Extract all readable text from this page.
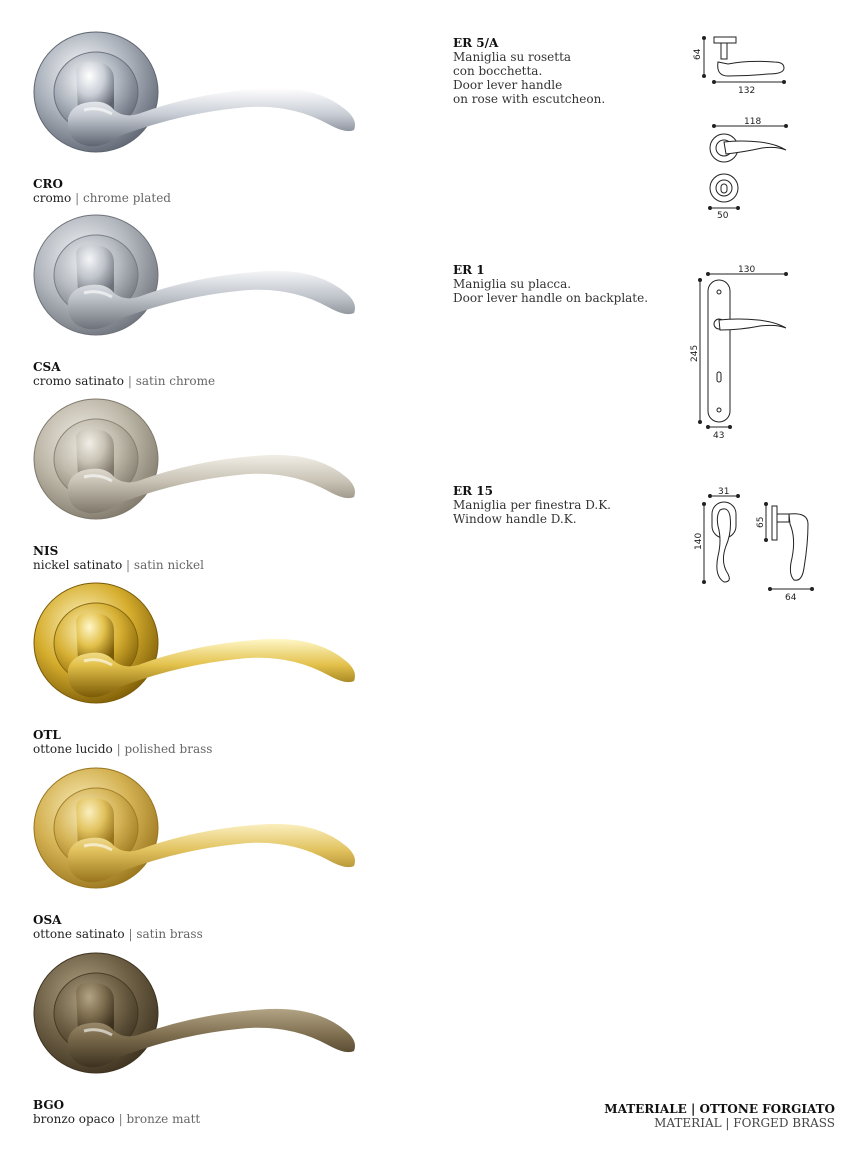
CRO
cromo | chrome plated
CSA
cromo satinato | satin chrome
NIS
nickel satinato | satin nickel
OTL
ottone lucido | polished brass
OSA
ottone satinato | satin brass
BGO
bronzo opaco | bronze matt
ER 5/A
Maniglia su rosetta
con bocchetta.
Door lever handle
on rose with escutcheon.
ER 1
Maniglia su placca.
Door lever handle on backplate.
ER 15
Maniglia per finestra D.K.
Window handle D.K.
64
132
118
50
130
245
43
31
140
65
64
MATERIALE | OTTONE FORGIATO
MATERIAL | FORGED BRASS
